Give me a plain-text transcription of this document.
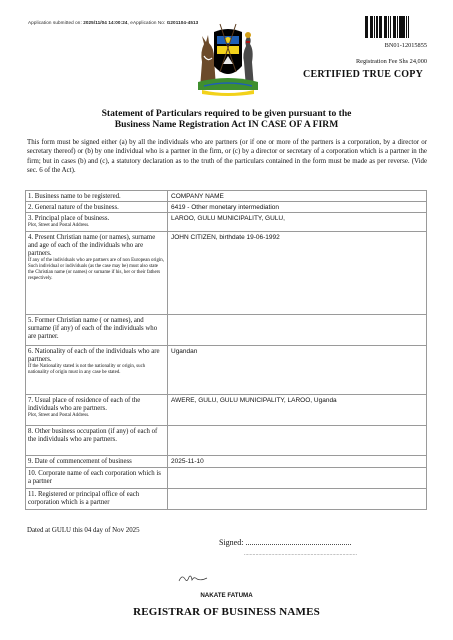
Application submitted on: 2025/11/04 14:00:24, eApplication No: G201104-4513
BN01-12015855
Registration Fee Shs 24,000
CERTIFIED TRUE COPY
Statement of Particulars required to be given pursuant to the
Business Name Registration Act IN CASE OF A FIRM
This form must be signed either (a) by all the individuals who are partners (or if one or more of the partners is a corporation, by a director or secretary thereof) or (b) by one individual who is a partner in the firm, or (c) by a director or secretary of a corporation which is a partner in the firm; but in cases (b) and (c), a statutory declaration as to the truth of the particulars contained in the form must be made as per reverse. (Vide sec. 6 of the Act).
1. Business name to be registered.	COMPANY NAME
2. General nature of the business.	6419 - Other monetary intermediation
3. Principal place of business.
Plot, Street and Postal Address.	LAROO, GULU MUNICIPALITY, GULU,
4. Present Christian name (or names), surname and age of each of the individuals who are partners.
If any of the individuals who are partners are of non European origin, Such individual or individuals (as the case may be) must also state the Christian name (or names) or surname if his, her or their fathers respectively.	JOHN CITIZEN, birthdate 19-06-1992
5. Former Christian name ( or names), and surname (if any) of each of the individuals who are partner.	
6. Nationality of each of the individuals who are partners.
If the Nationality stated is not the nationality or origin, such nationality of origin must in any case be stated.	Ugandan
7. Usual place of residence of each of the individuals who are partners.
Plot, Street and Postal Address.	AWERE, GULU, GULU MUNICIPALITY, LAROO, Uganda
8. Other business occupation (if any) of each of the individuals who are partners.	
9. Date of commencement of business	2025-11-10
10. Corporate name of each corporation which is a partner	
11. Registered or principal office of each corporation which is a partner	
Dated at GULU this 04 day of Nov 2025
Signed: .....................................................
..............................................................................
NAKATE FATUMA
REGISTRAR OF BUSINESS NAMES
